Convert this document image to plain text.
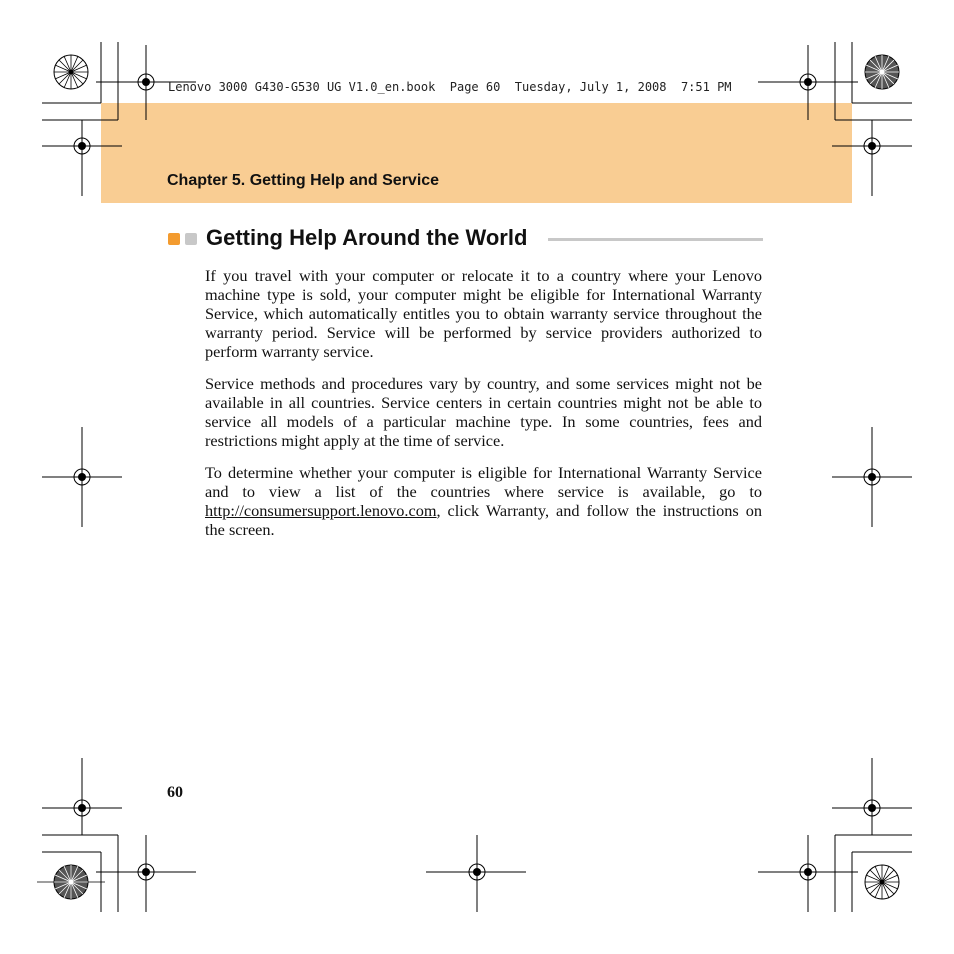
Lenovo 3000 G430-G530 UG V1.0_en.book  Page 60  Tuesday, July 1, 2008  7:51 PM
Chapter 5. Getting Help and Service
Getting Help Around the World

If you travel with your computer or relocate it to a country where your Lenovo machine type is sold, your computer might be eligible for International Warranty Service, which automatically entitles you to obtain warranty service throughout the warranty period. Service will be performed by service providers authorized to perform warranty service.

Service methods and procedures vary by country, and some services might not be available in all countries. Service centers in certain countries might not be able to service all models of a particular machine type. In some countries, fees and restrictions might apply at the time of service.

To determine whether your computer is eligible for International Warranty Service and to view a list of the countries where service is available, go to http://consumersupport.lenovo.com, click Warranty, and follow the instructions on the screen.

60
